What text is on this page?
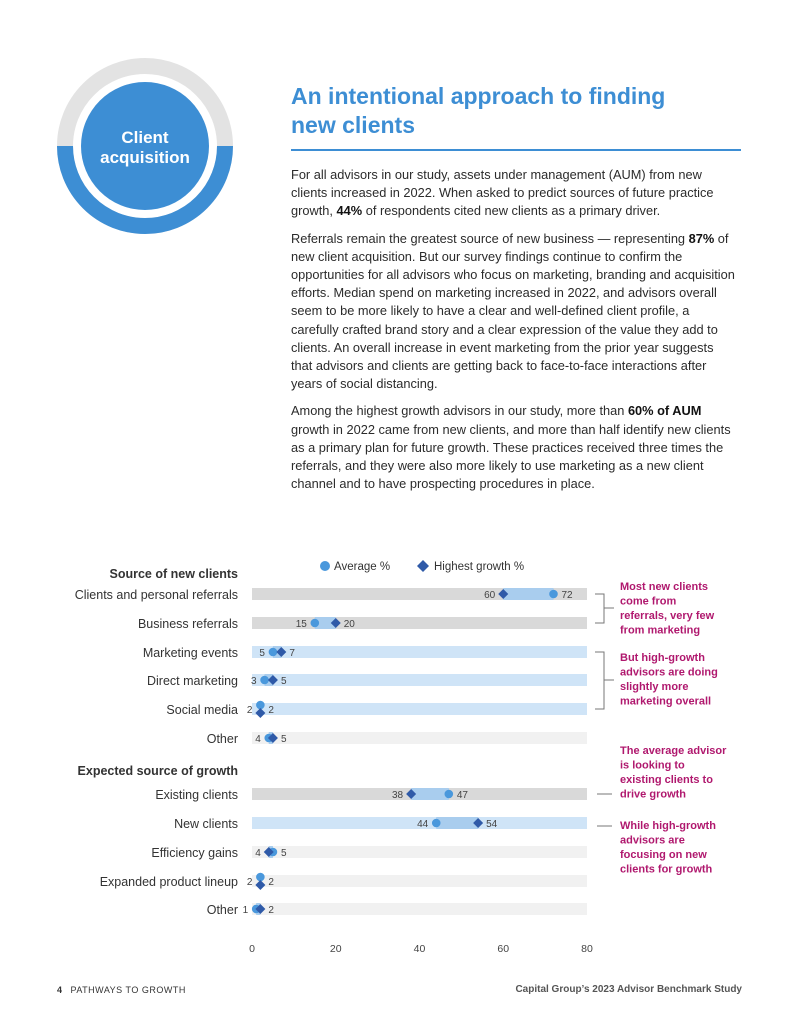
Client
acquisition
An intentional approach to finding
new clients

For all advisors in our study, assets under management (AUM) from new clients increased in 2022. When asked to predict sources of future practice growth, 44% of respondents cited new clients as a primary driver.

Referrals remain the greatest source of new business — representing 87% of new client acquisition. But our survey findings continue to confirm the opportunities for all advisors who focus on marketing, branding and acquisition efforts. Median spend on marketing increased in 2022, and advisors overall seem to be more likely to have a clear and well-defined client profile, a carefully crafted brand story and a clear expression of the value they add to clients. An overall increase in event marketing from the prior year suggests that advisors and clients are getting back to face-to-face interactions after years of social distancing.

Among the highest growth advisors in our study, more than 60% of AUM growth in 2022 came from new clients, and more than half identify new clients as a primary plan for future growth. These practices received three times the referrals, and they were also more likely to use marketing as a new client channel and to have prospecting procedures in place.

Average %	Highest growth %
Source of new clients
Clients and personal referrals	60	72
Business referrals	15	20
Marketing events 5 7
Direct marketing 3 5
Social media 2 2
Other 4 5
Expected source of growth
Existing clients	38	47
New clients	44	54
Efficiency gains 4 5
Expanded product lineup 2 2
Other 1 2
0	20	40	60	80
Most new clients come from referrals, very few from marketing
But high-growth advisors are doing slightly more marketing overall
The average advisor is looking to existing clients to drive growth
While high-growth advisors are focusing on new clients for growth
4 PATHWAYS TO GROWTH	Capital Group’s 2023 Advisor Benchmark Study
